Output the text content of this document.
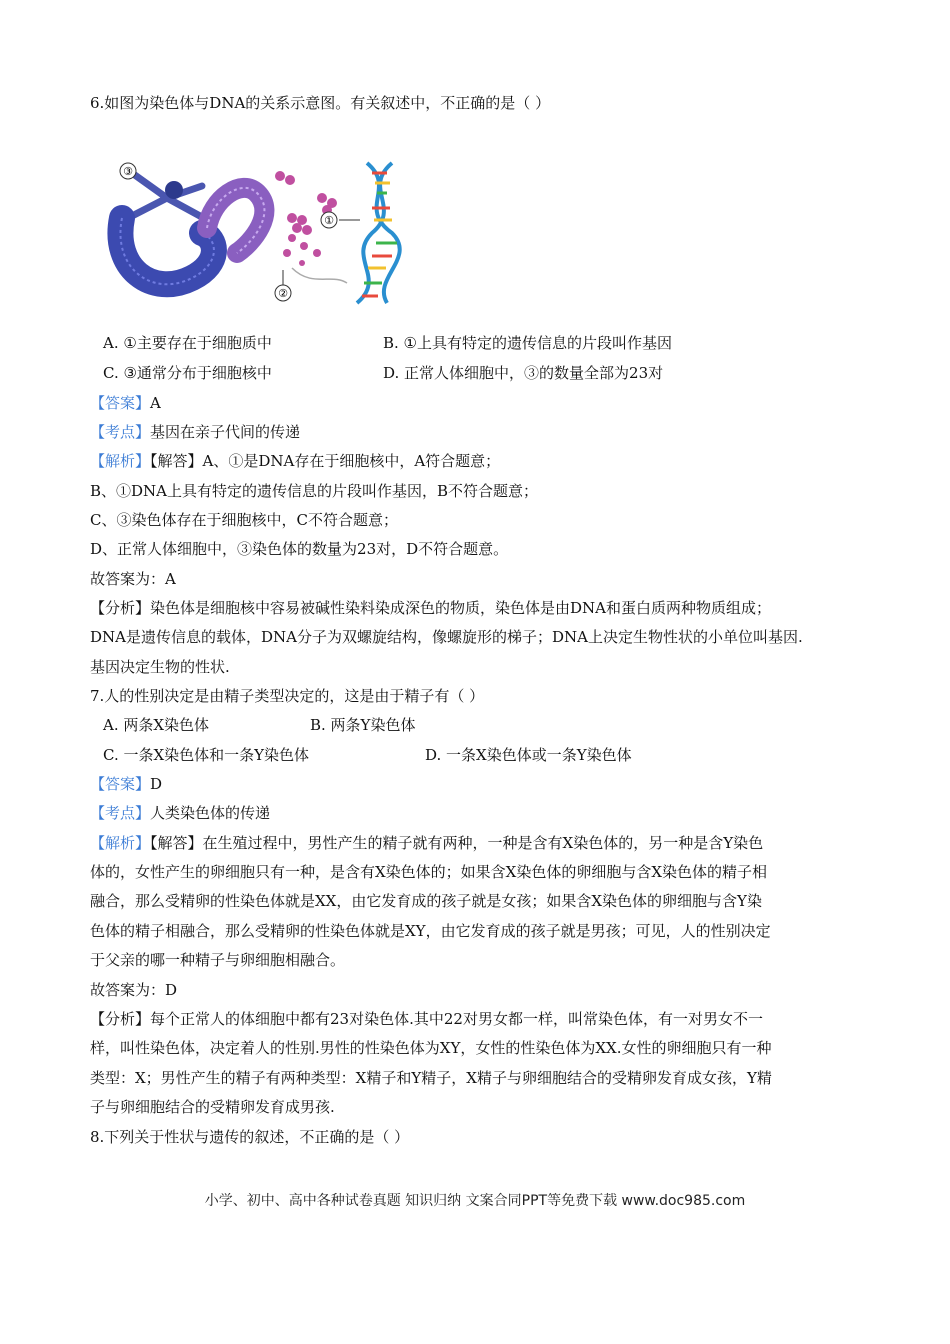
6.如图为染色体与DNA的关系示意图。有关叙述中，不正确的是（ ）
①
②
③
A. ①主要存在于细胞质中	B. ①上具有特定的遗传信息的片段叫作基因
C. ③通常分布于细胞核中	D. 正常人体细胞中，③的数量全部为23对
【答案】A
【考点】基因在亲子代间的传递
【解析】【解答】A、①是DNA存在于细胞核中，A符合题意；
B、①DNA上具有特定的遗传信息的片段叫作基因，B不符合题意；
C、③染色体存在于细胞核中，C不符合题意；
D、正常人体细胞中，③染色体的数量为23对，D不符合题意。
故答案为：A
【分析】染色体是细胞核中容易被碱性染料染成深色的物质，染色体是由DNA和蛋白质两种物质组成；
DNA是遗传信息的载体，DNA分子为双螺旋结构，像螺旋形的梯子；DNA上决定生物性状的小单位叫基因.
基因决定生物的性状.
7.人的性别决定是由精子类型决定的，这是由于精子有（ ）
A. 两条X染色体	B. 两条Y染色体
C. 一条X染色体和一条Y染色体	D. 一条X染色体或一条Y染色体
【答案】D
【考点】人类染色体的传递
【解析】【解答】在生殖过程中，男性产生的精子就有两种，一种是含有X染色体的，另一种是含Y染色
体的，女性产生的卵细胞只有一种，是含有X染色体的；如果含X染色体的卵细胞与含X染色体的精子相
融合，那么受精卵的性染色体就是XX，由它发育成的孩子就是女孩；如果含X染色体的卵细胞与含Y染
色体的精子相融合，那么受精卵的性染色体就是XY，由它发育成的孩子就是男孩；可见，人的性别决定
于父亲的哪一种精子与卵细胞相融合。
故答案为：D
【分析】每个正常人的体细胞中都有23对染色体.其中22对男女都一样，叫常染色体，有一对男女不一
样，叫性染色体，决定着人的性别.男性的性染色体为XY，女性的性染色体为XX.女性的卵细胞只有一种
类型：X；男性产生的精子有两种类型：X精子和Y精子，X精子与卵细胞结合的受精卵发育成女孩，Y精
子与卵细胞结合的受精卵发育成男孩.
8.下列关于性状与遗传的叙述，不正确的是（ ）
小学、初中、高中各种试卷真题 知识归纳 文案合同PPT等免费下载 www.doc985.com
